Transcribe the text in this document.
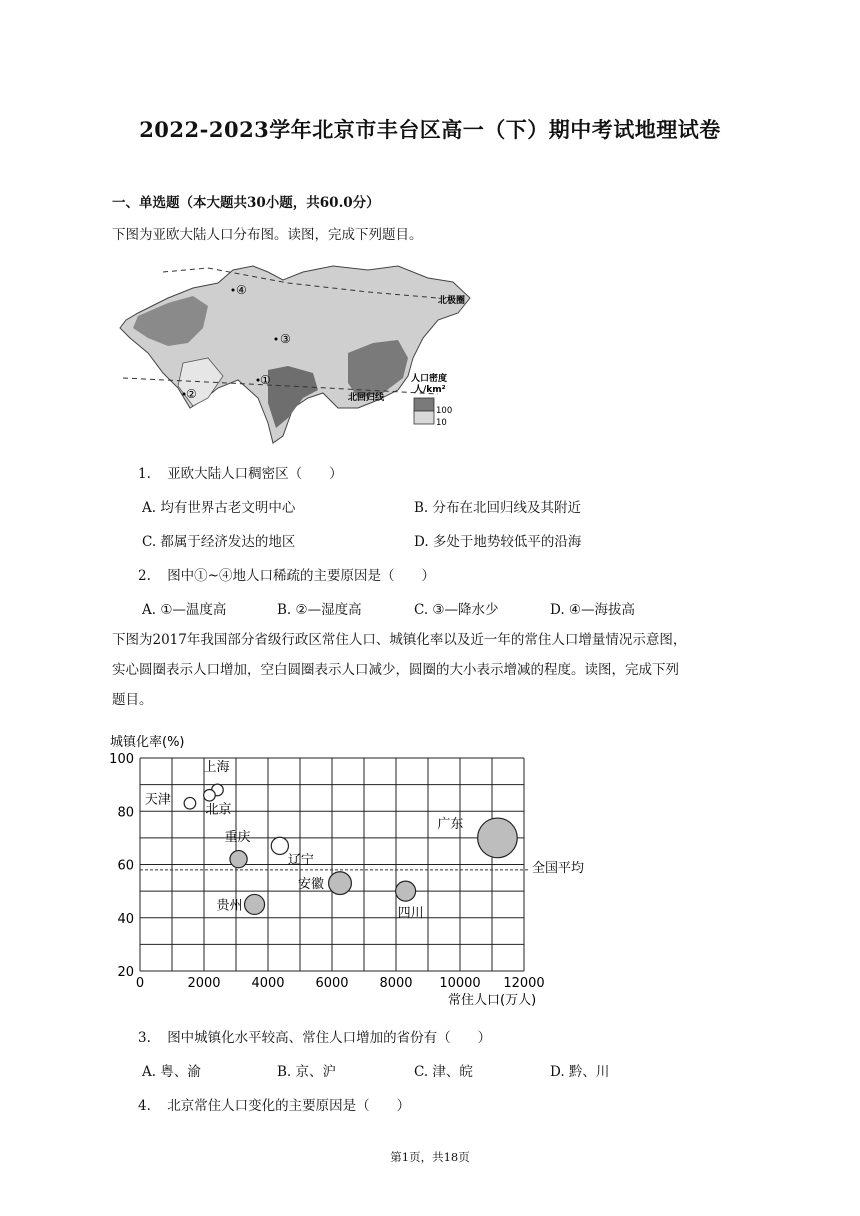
2022-2023学年北京市丰台区高一（下）期中考试地理试卷
一、单选题（本大题共30小题，共60.0分）
下图为亚欧大陆人口分布图。读图，完成下列题目。
④
③
①
②
北极圈
北回归线
人口密度
人/km²
100
10
1. 亚欧大陆人口稠密区（　　）
A. 均有世界古老文明中心	B. 分布在北回归线及其附近
C. 都属于经济发达的地区	D. 多处于地势较低平的沿海
2. 图中①~④地人口稀疏的主要原因是（　　）
A. ①—温度高	B. ②—湿度高	C. ③—降水少	D. ④—海拔高
下图为2017年我国部分省级行政区常住人口、城镇化率以及近一年的常住人口增量情况示意图，
实心圆圈表示人口增加，空白圆圈表示人口减少，圆圈的大小表示增减的程度。读图，完成下列
题目。
0	2000 4000 6000 8000 10000 12000
20
40
60
80
100
天津
上海
北京
重庆
辽宁
安徽
贵州
四川
广东
全国平均
城镇化率(%)
常住人口(万人)
3. 图中城镇化水平较高、常住人口增加的省份有（　　）
A. 粤、渝	B. 京、沪	C. 津、皖	D. 黔、川
4. 北京常住人口变化的主要原因是（　　）
第1页，共18页
